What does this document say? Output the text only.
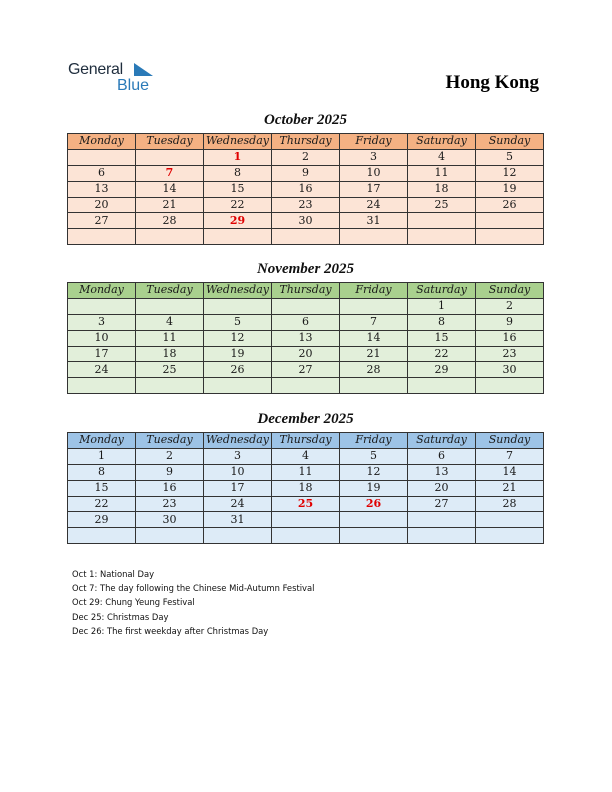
General
Blue	Hong Kong
October 2025
Monday	Tuesday	Wednesday	Thursday	Friday	Saturday	Sunday
		1	2	3	4	5
6	7	8	9	10	11	12
13	14	15	16	17	18	19
20	21	22	23	24	25	26
27	28	29	30	31		

November 2025
Monday	Tuesday	Wednesday	Thursday	Friday	Saturday	Sunday
					1	2
3	4	5	6	7	8	9
10	11	12	13	14	15	16
17	18	19	20	21	22	23
24	25	26	27	28	29	30

December 2025
Monday	Tuesday	Wednesday	Thursday	Friday	Saturday	Sunday
1	2	3	4	5	6	7
8	9	10	11	12	13	14
15	16	17	18	19	20	21
22	23	24	25	26	27	28
29	30	31				

Oct 1: National Day
Oct 7: The day following the Chinese Mid-Autumn Festival
Oct 29: Chung Yeung Festival
Dec 25: Christmas Day
Dec 26: The first weekday after Christmas Day
